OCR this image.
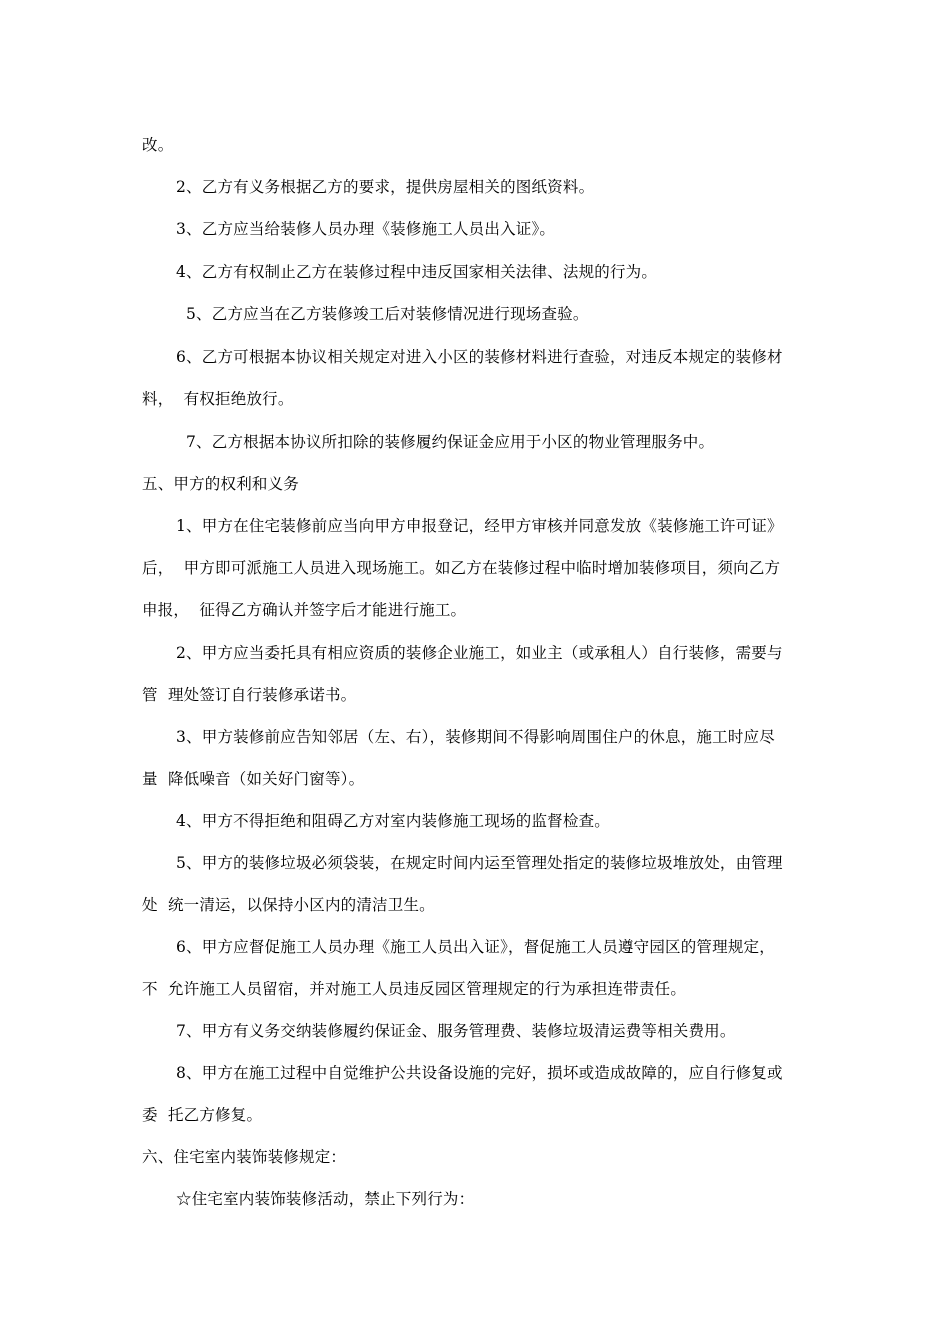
改。
2、乙方有义务根据乙方的要求，提供房屋相关的图纸资料。
3、乙方应当给装修人员办理《装修施工人员出入证》。
4、乙方有权制止乙方在装修过程中违反国家相关法律、法规的行为。
5、乙方应当在乙方装修竣工后对装修情况进行现场查验。
6、乙方可根据本协议相关规定对进入小区的装修材料进行查验，对违反本规定的装修材
料，  有权拒绝放行。
7、乙方根据本协议所扣除的装修履约保证金应用于小区的物业管理服务中。
五、甲方的权利和义务
1、甲方在住宅装修前应当向甲方申报登记，经甲方审核并同意发放《装修施工许可证》
后，  甲方即可派施工人员进入现场施工。如乙方在装修过程中临时增加装修项目，须向乙方
申报，  征得乙方确认并签字后才能进行施工。
2、甲方应当委托具有相应资质的装修企业施工，如业主（或承租人）自行装修，需要与
管  理处签订自行装修承诺书。
3、甲方装修前应告知邻居（左、右），装修期间不得影响周围住户的休息，施工时应尽
量  降低噪音（如关好门窗等）。
4、甲方不得拒绝和阻碍乙方对室内装修施工现场的监督检查。
5、甲方的装修垃圾必须袋装，在规定时间内运至管理处指定的装修垃圾堆放处，由管理
处  统一清运，以保持小区内的清洁卫生。
6、甲方应督促施工人员办理《施工人员出入证》，督促施工人员遵守园区的管理规定，
不  允许施工人员留宿，并对施工人员违反园区管理规定的行为承担连带责任。
7、甲方有义务交纳装修履约保证金、服务管理费、装修垃圾清运费等相关费用。
8、甲方在施工过程中自觉维护公共设备设施的完好，损坏或造成故障的，应自行修复或
委  托乙方修复。
六、住宅室内装饰装修规定：
☆住宅室内装饰装修活动，禁止下列行为：
